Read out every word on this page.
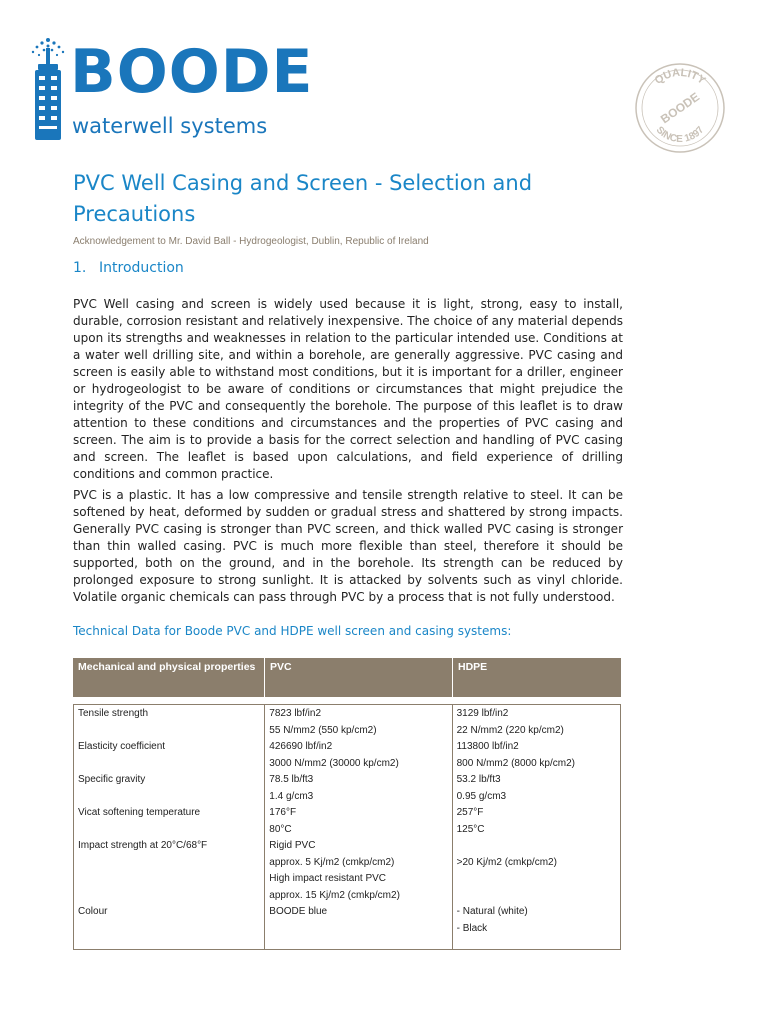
BOODE
waterwell systems
QUALITY
BOODE
SINCE 1897
PVC Well Casing and Screen - Selection and Precautions
Acknowledgement to Mr. David Ball - Hydrogeologist, Dublin, Republic of Ireland
1. Introduction
PVC Well casing and screen is widely used because it is light, strong, easy to install, durable, corrosion resistant and relatively inexpensive. The choice of any material depends upon its strengths and weaknesses in relation to the particular intended use. Conditions at a water well drilling site, and within a borehole, are generally aggressive. PVC casing and screen is easily able to withstand most conditions, but it is important for a driller, engineer or hydrogeologist to be aware of conditions or circumstances that might prejudice the integrity of the PVC and consequently the borehole. The purpose of this leaflet is to draw attention to these conditions and circumstances and the properties of PVC casing and screen. The aim is to provide a basis for the correct selection and handling of PVC casing and screen. The leaflet is based upon calculations, and field experience of drilling conditions and common practice.
PVC is a plastic. It has a low compressive and tensile strength relative to steel. It can be softened by heat, deformed by sudden or gradual stress and shattered by strong impacts. Generally PVC casing is stronger than PVC screen, and thick walled PVC casing is stronger than thin walled casing. PVC is much more flexible than steel, therefore it should be supported, both on the ground, and in the borehole. Its strength can be reduced by prolonged exposure to strong sunlight. It is attacked by solvents such as vinyl chloride. Volatile organic chemicals can pass through PVC by a process that is not fully understood.
Technical Data for Boode PVC and HDPE well screen and casing systems:
Mechanical and physical properties	PVC	HDPE
Tensile strength
Elasticity coefficient
Specific gravity
Vicat softening temperature
Impact strength at 20°C/68°F
Colour
7823 lbf/in2
55 N/mm2 (550 kp/cm2)
426690 lbf/in2
3000 N/mm2 (30000 kp/cm2)
78.5 lb/ft3
1.4 g/cm3
176°F
80°C
Rigid PVC
approx. 5 Kj/m2 (cmkp/cm2)
High impact resistant PVC
approx. 15 Kj/m2 (cmkp/cm2)
BOODE blue
3129 lbf/in2
22 N/mm2 (220 kp/cm2)
113800 lbf/in2
800 N/mm2 (8000 kp/cm2)
53.2 lb/ft3
0.95 g/cm3
257°F
125°C
>20 Kj/m2 (cmkp/cm2)
- Natural (white)
- Black
